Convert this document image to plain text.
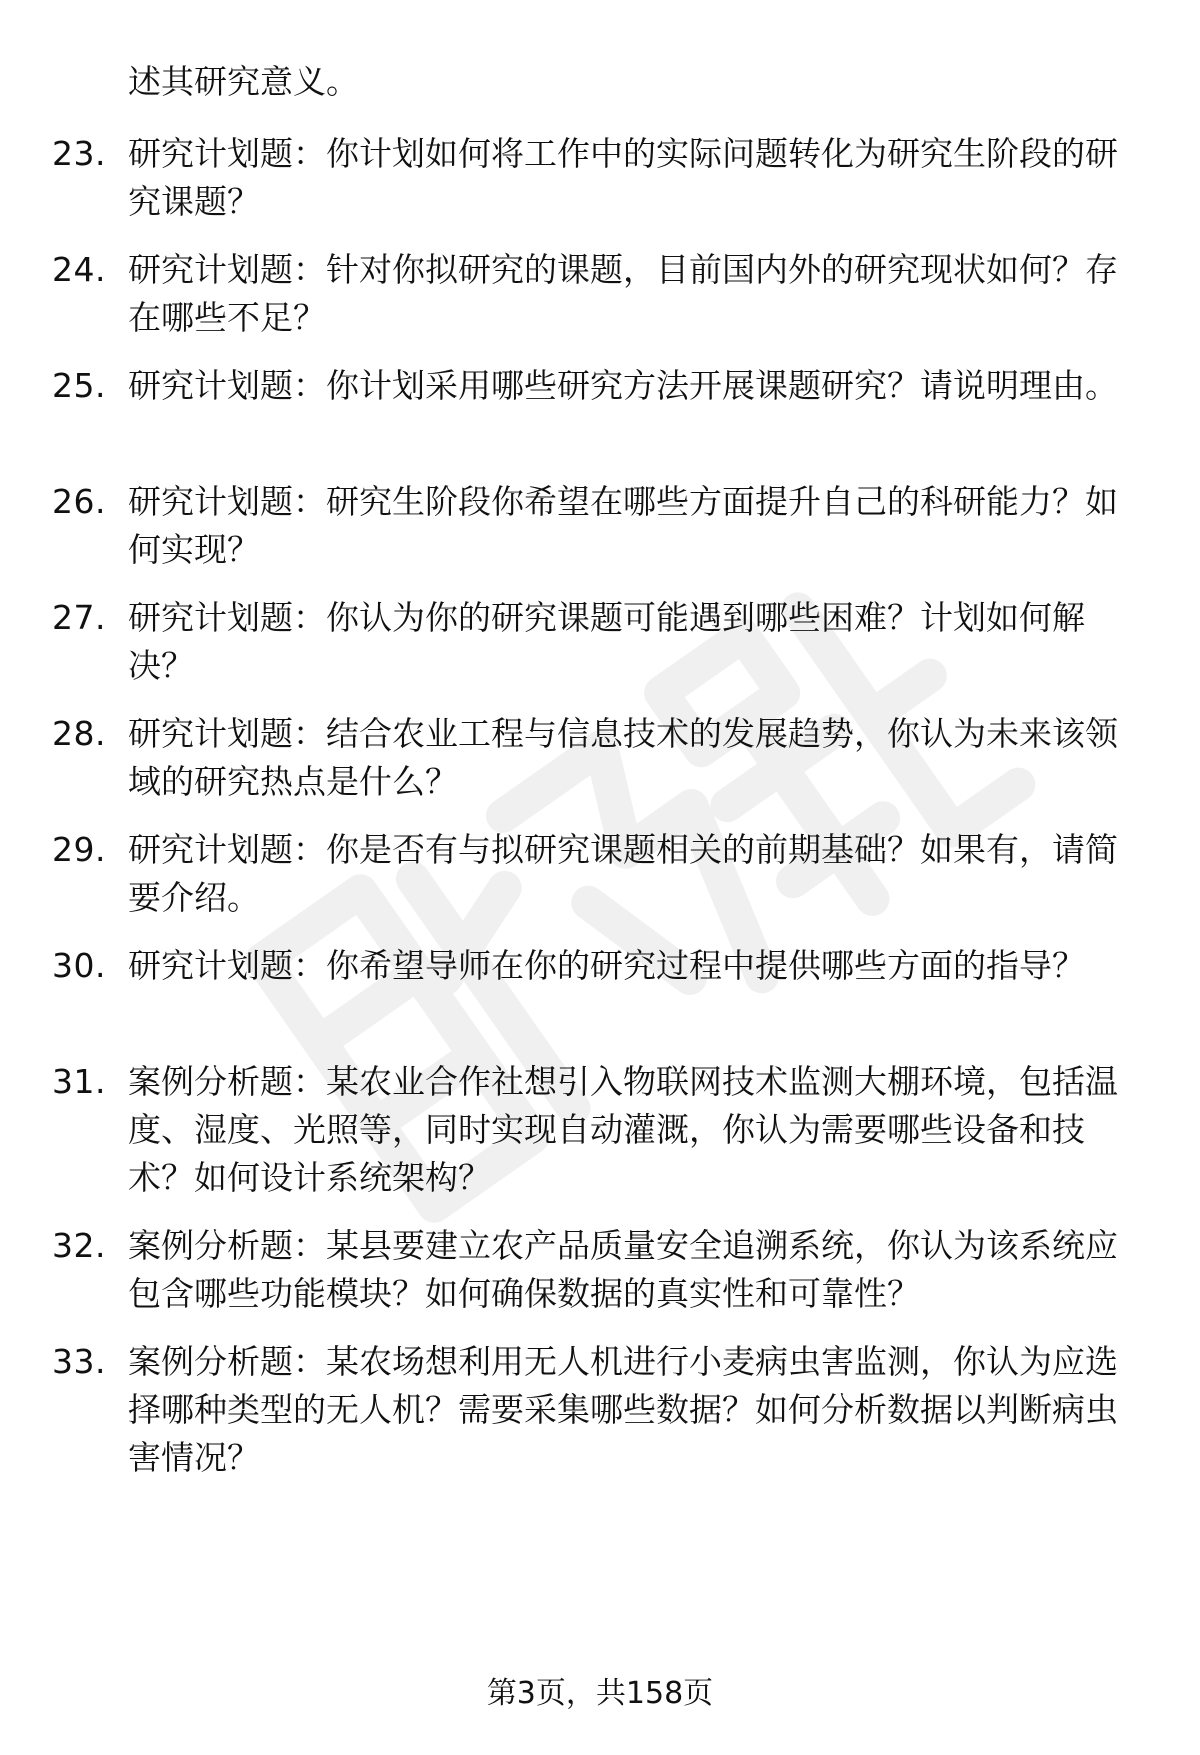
述其研究意义。

23. 研究计划题：你计划如何将工作中的实际问题转化为研究生阶段的研究课题？

24. 研究计划题：针对你拟研究的课题，目前国内外的研究现状如何？存在哪些不足？

25. 研究计划题：你计划采用哪些研究方法开展课题研究？请说明理由。

26. 研究计划题：研究生阶段你希望在哪些方面提升自己的科研能力？如何实现？

27. 研究计划题：你认为你的研究课题可能遇到哪些困难？计划如何解决？

28. 研究计划题：结合农业工程与信息技术的发展趋势，你认为未来该领域的研究热点是什么？

29. 研究计划题：你是否有与拟研究课题相关的前期基础？如果有，请简要介绍。

30. 研究计划题：你希望导师在你的研究过程中提供哪些方面的指导？

31. 案例分析题：某农业合作社想引入物联网技术监测大棚环境，包括温度、湿度、光照等，同时实现自动灌溉，你认为需要哪些设备和技术？如何设计系统架构？

32. 案例分析题：某县要建立农产品质量安全追溯系统，你认为该系统应包含哪些功能模块？如何确保数据的真实性和可靠性？

33. 案例分析题：某农场想利用无人机进行小麦病虫害监测，你认为应选择哪种类型的无人机？需要采集哪些数据？如何分析数据以判断病虫害情况？

第3页，共158页
